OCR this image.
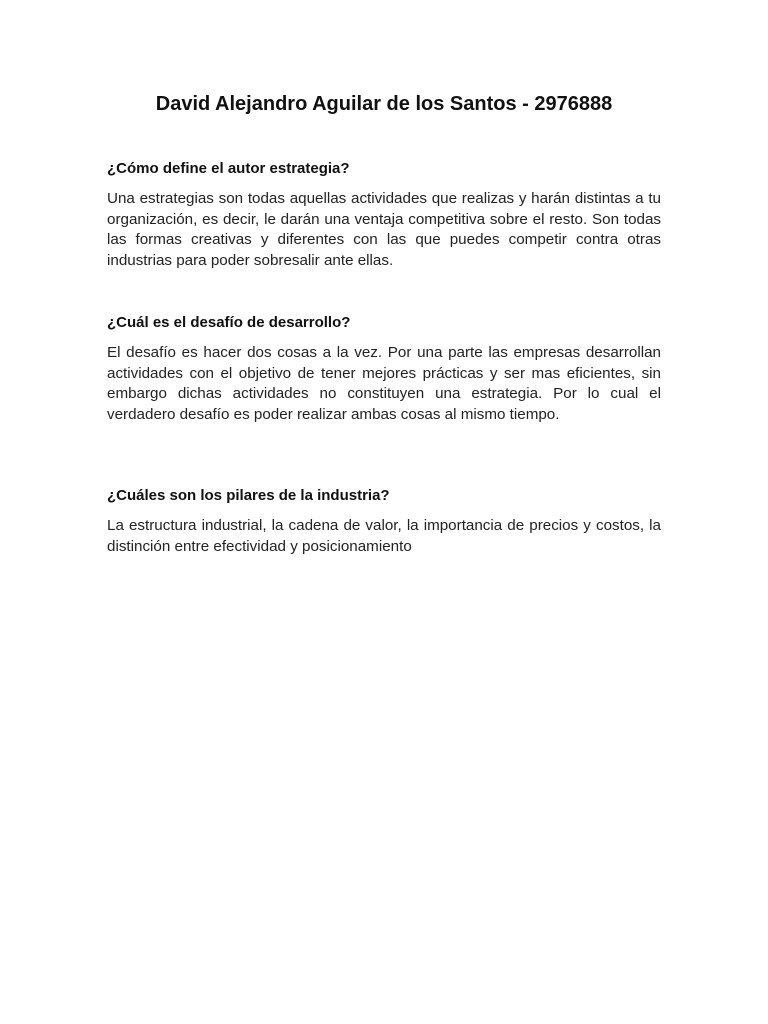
David Alejandro Aguilar de los Santos - 2976888

¿Cómo define el autor estrategia?

Una estrategias son todas aquellas actividades que realizas y harán distintas a tu organización, es decir, le darán una ventaja competitiva sobre el resto. Son todas las formas creativas y diferentes con las que puedes competir contra otras industrias para poder sobresalir ante ellas.

¿Cuál es el desafío de desarrollo?

El desafío es hacer dos cosas a la vez. Por una parte las empresas desarrollan actividades con el objetivo de tener mejores prácticas y ser mas eficientes, sin embargo dichas actividades no constituyen una estrategia. Por lo cual el verdadero desafío es poder realizar ambas cosas al mismo tiempo.

¿Cuáles son los pilares de la industria?

La estructura industrial, la cadena de valor, la importancia de precios y costos, la distinción entre efectividad y posicionamiento
